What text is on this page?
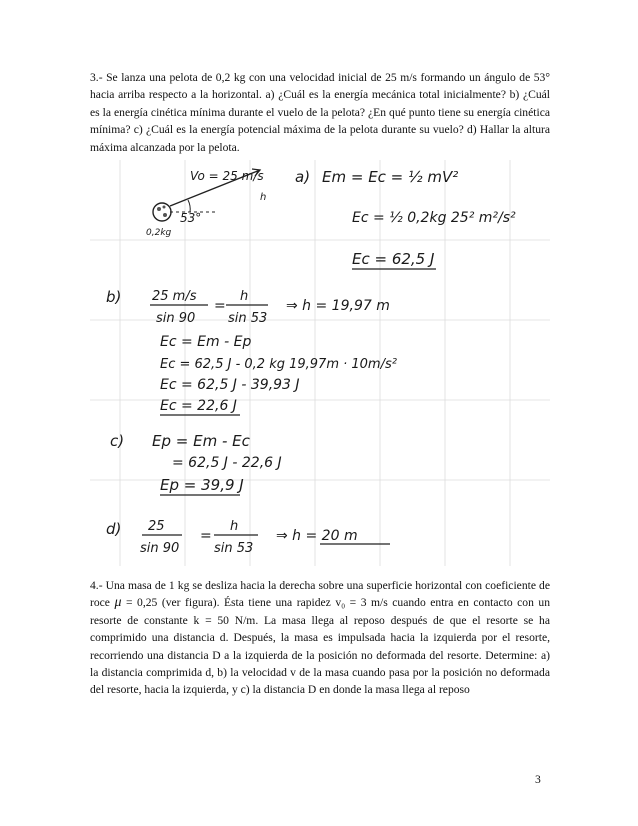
3.- Se lanza una pelota de 0,2 kg con una velocidad inicial de 25 m/s formando un ángulo de 53° hacia arriba respecto a la horizontal. a) ¿Cuál es la energía mecánica total inicialmente? b) ¿Cuál es la energía cinética mínima durante el vuelo de la pelota? ¿En qué punto tiene su energía cinética mínima? c) ¿Cuál es la energía potencial máxima de la pelota durante su vuelo? d) Hallar la altura máxima alcanzada por la pelota.
Vo = 25 m/s
53°
0,2kg
h
a) Em = Ec = ½ mV²
Ec = ½ 0,2kg 25² m²/s²
Ec = 62,5 J
b) 25 m/s
sin 90
=
h
sin 53
⇒ h = 19,97 m
Ec = Em - Ep
Ec = 62,5 J - 0,2 kg 19,97m · 10m/s²
Ec = 62,5 J - 39,93 J
Ec = 22,6 J
c) Ep = Em - Ec
= 62,5 J - 22,6 J
Ep = 39,9 J
d) 25
sin 90
=
h
sin 53
⇒ h = 20 m
4.- Una masa de 1 kg se desliza hacia la derecha sobre una superficie horizontal con coeficiente de roce μ = 0,25 (ver figura). Ésta tiene una rapidez v₀ = 3 m/s cuando entra en contacto con un resorte de constante k = 50 N/m. La masa llega al reposo después de que el resorte se ha comprimido una distancia d. Después, la masa es impulsada hacia la izquierda por el resorte, recorriendo una distancia D a la izquierda de la posición no deformada del resorte. Determine: a) la distancia comprimida d, b) la velocidad v de la masa cuando pasa por la posición no deformada del resorte, hacia la izquierda, y c) la distancia D en donde la masa llega al reposo
3
